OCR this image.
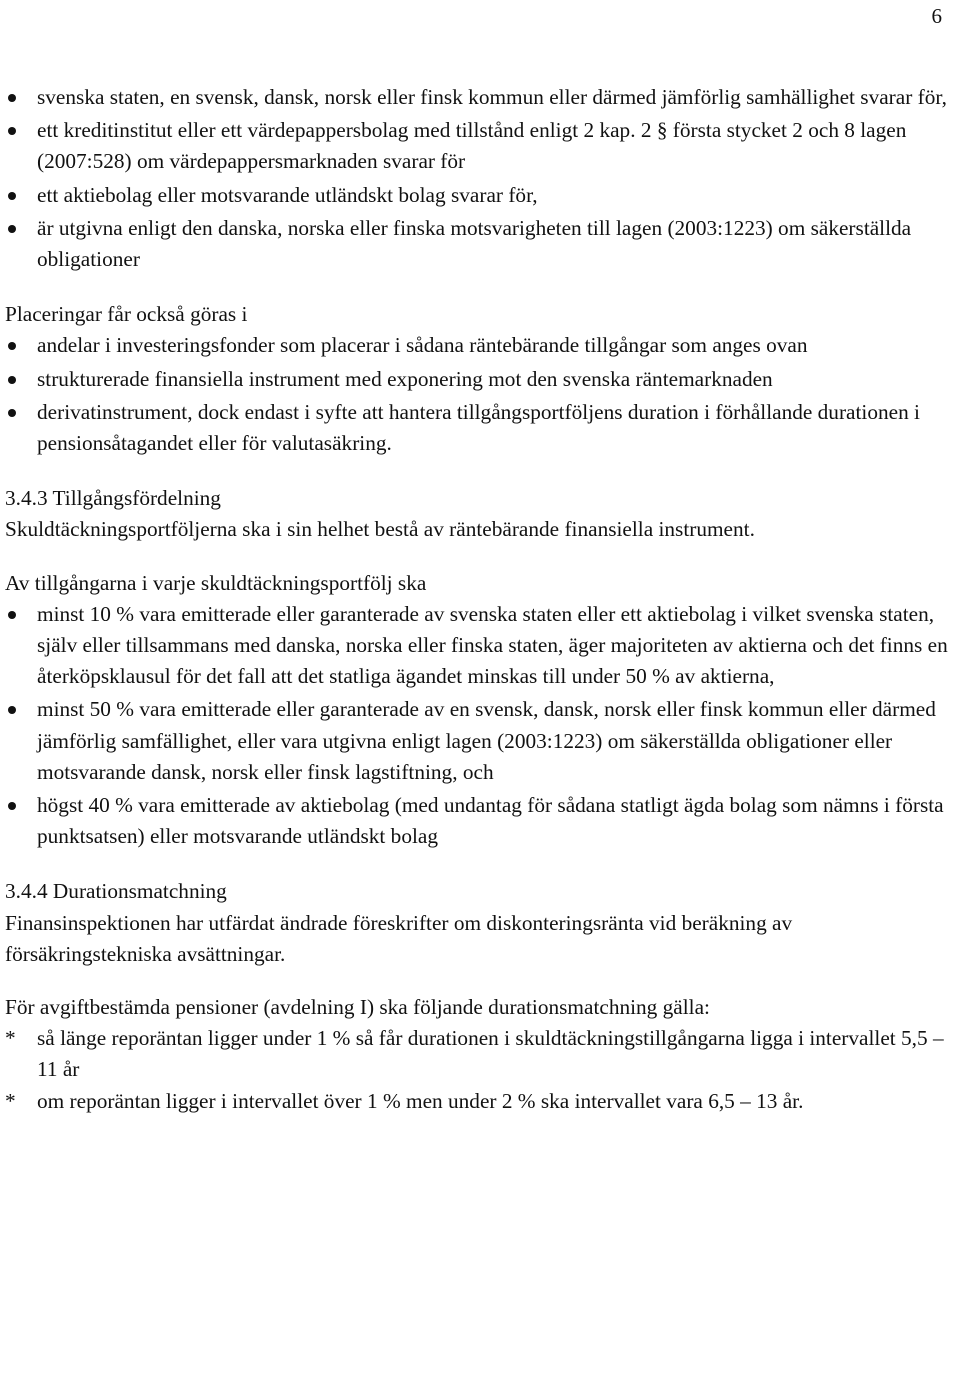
6
svenska staten, en svensk, dansk, norsk eller finsk kommun eller därmed jämförlig samhällighet svarar för,
ett kreditinstitut eller ett värdepappersbolag med tillstånd enligt 2 kap. 2 § första stycket 2 och 8 lagen (2007:528) om värdepappersmarknaden svarar för
ett aktiebolag eller motsvarande utländskt bolag svarar för,
är utgivna enligt den danska, norska eller finska motsvarigheten till lagen (2003:1223) om säkerställda obligationer

Placeringar får också göras i

andelar i investeringsfonder som placerar i sådana räntebärande tillgångar som anges ovan
strukturerade finansiella instrument med exponering mot den svenska räntemarknaden
derivatinstrument, dock endast i syfte att hantera tillgångsportföljens duration i förhållande durationen i pensionsåtagandet eller för valutasäkring.

3.4.3 Tillgångsfördelning

Skuldtäckningsportföljerna ska i sin helhet bestå av räntebärande finansiella instrument.

Av tillgångarna i varje skuldtäckningsportfölj ska

minst 10 % vara emitterade eller garanterade av svenska staten eller ett aktiebolag i vilket svenska staten, själv eller tillsammans med danska, norska eller finska staten, äger majoriteten av aktierna och det finns en återköpsklausul för det fall att det statliga ägandet minskas till under 50 % av aktierna,
minst 50 % vara emitterade eller garanterade av en svensk, dansk, norsk eller finsk kommun eller därmed jämförlig samfällighet, eller vara utgivna enligt lagen (2003:1223) om säkerställda obligationer eller motsvarande dansk, norsk eller finsk lagstiftning, och
högst 40 % vara emitterade av aktiebolag (med undantag för sådana statligt ägda bolag som nämns i första punktsatsen) eller motsvarande utländskt bolag

3.4.4 Durationsmatchning

Finansinspektionen har utfärdat ändrade föreskrifter om diskonteringsränta vid beräkning av försäkringstekniska avsättningar.

För avgiftbestämda pensioner (avdelning I) ska följande durationsmatchning gälla:

* så länge reporäntan ligger under 1 % så får durationen i skuldtäckningstillgångarna ligga i intervallet 5,5 – 11 år
* om reporäntan ligger i intervallet över 1 % men under 2 % ska intervallet vara 6,5 – 13 år.
